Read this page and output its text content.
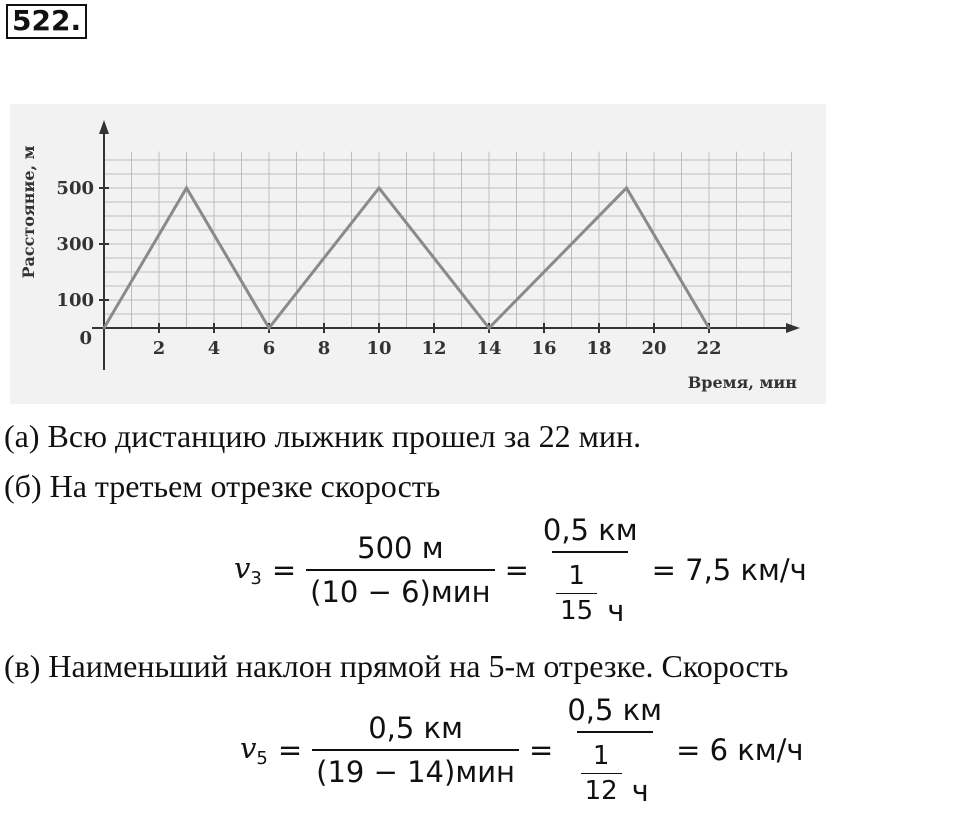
522.
2 4 6 8 10 12 14 16 18 20 22
100
300
500
0
Время, мин
Расстояние, м
(а) Всю дистанцию лыжник прошел за 22 мин.
(б) На третьем отрезке скорость
$v_3 = \frac{500 м}{\text{(10 − 6)мин}} = \frac{0,5 км}{\frac{1}{15} ч} = 7,5$ км/ч
(в) Наименьший наклон прямой на 5-м отрезке. Скорость
$v_5 = \frac{0,5 км}{\text{(19 − 14)мин}} = \frac{0,5 км}{\frac{1}{12} ч} = 6$ км/ч
